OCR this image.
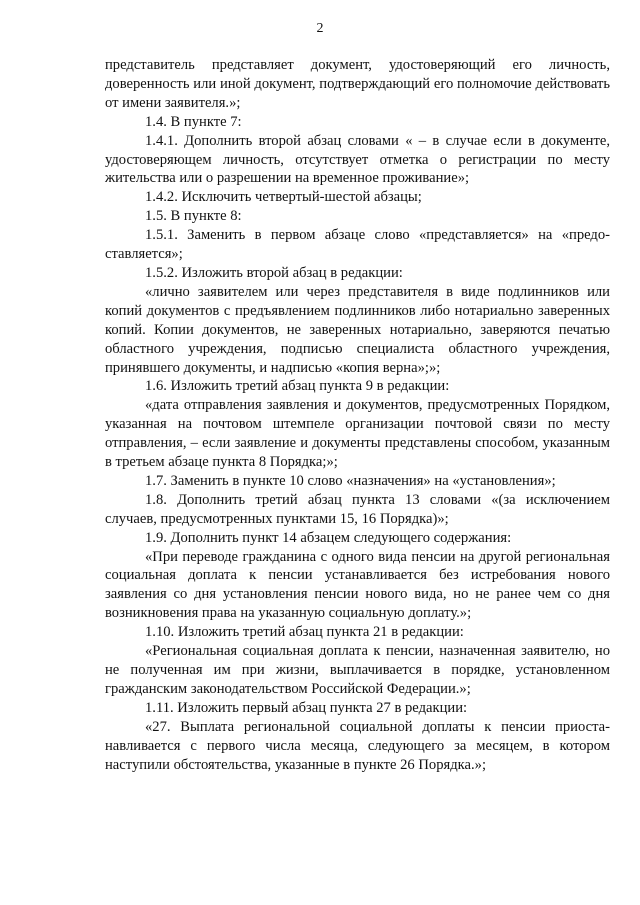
2

представитель представляет документ, удостоверяющий его личность, доверенность или иной документ, подтверждающий его полномочие действовать от имени заявителя.»;

1.4. В пункте 7:

1.4.1. Дополнить второй абзац словами « – в случае если в документе, удостоверяющем личность, отсутствует отметка о регистрации по месту жительства или о разрешении на временное проживание»;

1.4.2. Исключить четвертый-шестой абзацы;

1.5. В пункте 8:

1.5.1. Заменить в первом абзаце слово «представляется» на «предо-ставляется»;

1.5.2. Изложить второй абзац в редакции:

«лично заявителем или через представителя в виде подлинников или копий документов с предъявлением подлинников либо нотариально заверенных копий. Копии документов, не заверенных нотариально, заверяются печатью областного учреждения, подписью специалиста областного учреждения, принявшего документы, и надписью «копия верна»;»;

1.6. Изложить третий абзац пункта 9 в редакции:

«дата отправления заявления и документов, предусмотренных Порядком, указанная на почтовом штемпеле организации почтовой связи по месту отправления, – если заявление и документы представлены способом, указанным в третьем абзаце пункта 8 Порядка;»;

1.7. Заменить в пункте 10 слово «назначения» на «установления»;

1.8. Дополнить третий абзац пункта 13 словами «(за исключением случаев, предусмотренных пунктами 15, 16 Порядка)»;

1.9. Дополнить пункт 14 абзацем следующего содержания:

«При переводе гражданина с одного вида пенсии на другой региональная социальная доплата к пенсии устанавливается без истребования нового заявления со дня установления пенсии нового вида, но не ранее чем со дня возникновения права на указанную социальную доплату.»;

1.10. Изложить третий абзац пункта 21 в редакции:

«Региональная социальная доплата к пенсии, назначенная заявителю, но не полученная им при жизни, выплачивается в порядке, установленном гражданским законодательством Российской Федерации.»;

1.11. Изложить первый абзац пункта 27 в редакции:

«27. Выплата региональной социальной доплаты к пенсии приоста-навливается с первого числа месяца, следующего за месяцем, в котором наступили обстоятельства, указанные в пункте 26 Порядка.»;
